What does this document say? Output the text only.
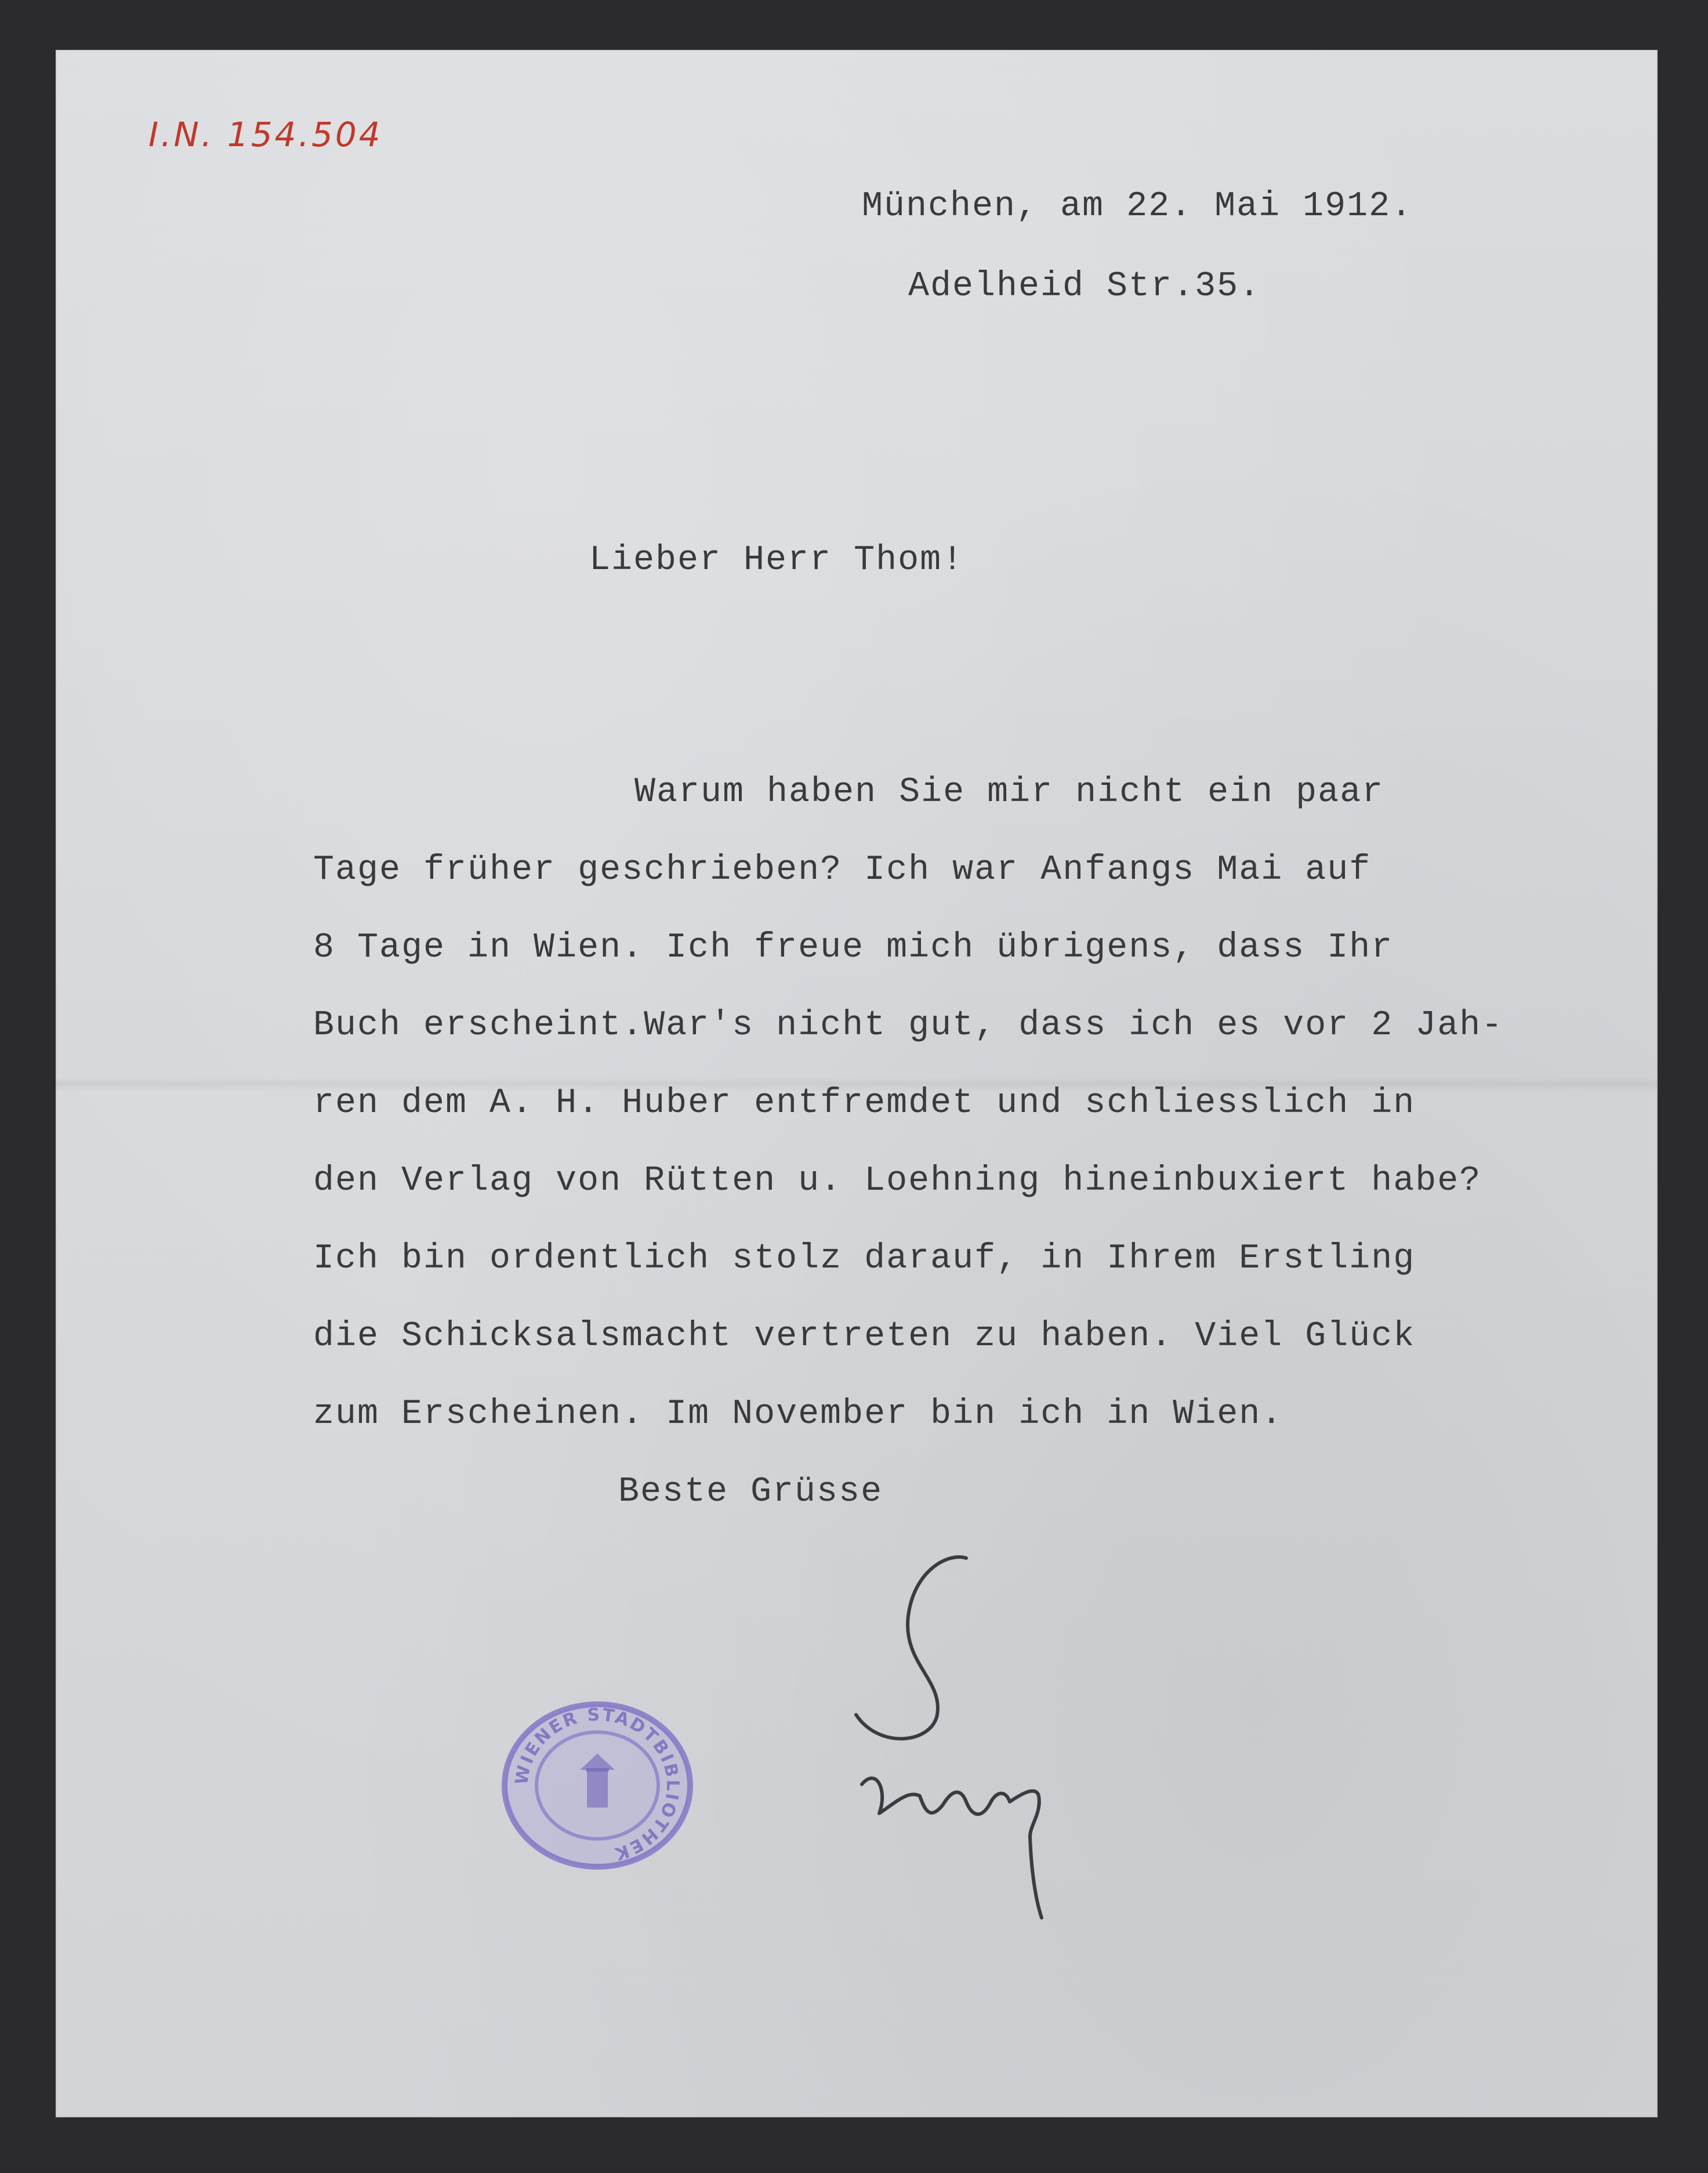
I.N. 154.504
München, am 22. Mai 1912.
Adelheid Str.35.
Lieber Herr Thom!
Warum haben Sie mir nicht ein paar
Tage früher geschrieben? Ich war Anfangs Mai auf
8 Tage in Wien. Ich freue mich übrigens, dass Ihr
Buch erscheint.War's nicht gut, dass ich es vor 2 Jah-
ren dem A. H. Huber entfremdet und schliesslich in
den Verlag von Rütten u. Loehning hineinbuxiert habe?
Ich bin ordentlich stolz darauf, in Ihrem Erstling
die Schicksalsmacht vertreten zu haben. Viel Glück
zum Erscheinen. Im November bin ich in Wien.
Beste Grüsse
WIENER STADTBIBLIOTHEK
